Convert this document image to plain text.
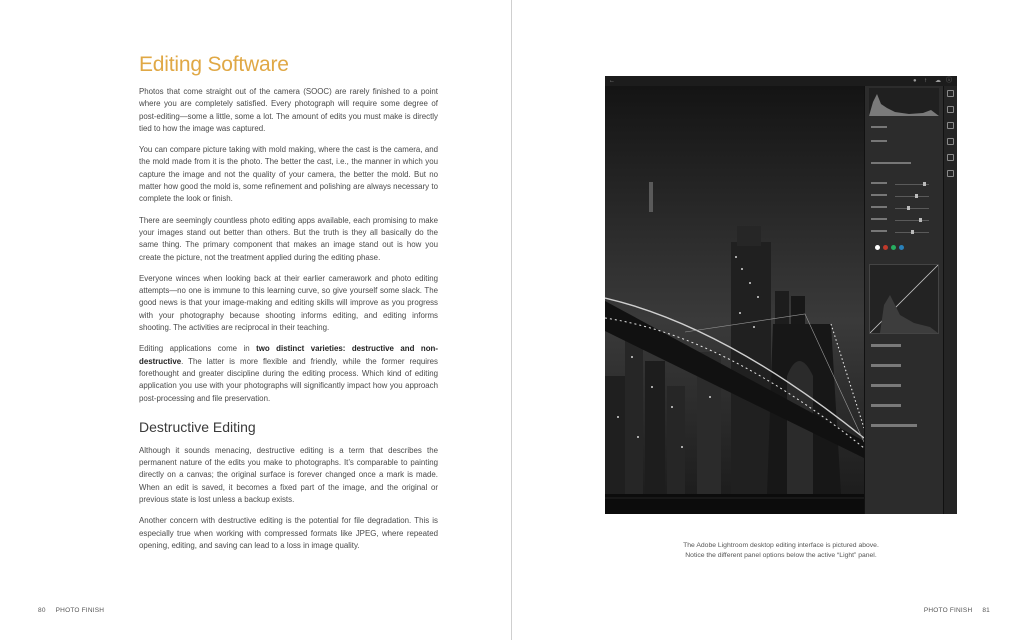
Editing Software

Photos that come straight out of the camera (SOOC) are rarely finished to a point where you are completely satisfied. Every photograph will require some degree of post-editing—some a little, some a lot. The amount of edits you must make is directly tied to how the image was captured.

You can compare picture taking with mold making, where the cast is the camera, and the mold made from it is the photo. The better the cast, i.e., the manner in which you capture the image and not the quality of your camera, the better the mold. But no matter how good the mold is, some refinement and polishing are always necessary to complete the look or finish.

There are seemingly countless photo editing apps available, each promising to make your images stand out better than others. But the truth is they all basically do the same thing. The primary component that makes an image stand out is how you create the picture, not the treatment applied during the editing phase.

Everyone winces when looking back at their earlier camerawork and photo editing attempts—no one is immune to this learning curve, so give yourself some slack. The good news is that your image-making and editing skills will improve as you progress with your photography because shooting informs editing, and editing informs shooting. The activities are reciprocal in their teaching.

Editing applications come in two distinct varieties: destructive and non-destructive. The latter is more flexible and friendly, while the former requires forethought and greater discipline during the editing process. Which kind of editing application you use with your photographs will significantly impact how you approach post-processing and file preservation.

Destructive Editing

Although it sounds menacing, destructive editing is a term that describes the permanent nature of the edits you make to photographs. It’s comparable to painting directly on a canvas; the original surface is forever changed once a mark is made. When an edit is saved, it becomes a fixed part of the image, and the original or previous state is lost unless a backup exists.

Another concern with destructive editing is the potential for file degradation. This is especially true when working with compressed formats like JPEG, where repeated opening, editing, and saving can lead to a loss in image quality.

80 PHOTO FINISH	PHOTO FINISH 81
←	● ↑ ☁ ⓘ
The Adobe Lightroom desktop editing interface is pictured above.
Notice the different panel options below the active “Light” panel.
